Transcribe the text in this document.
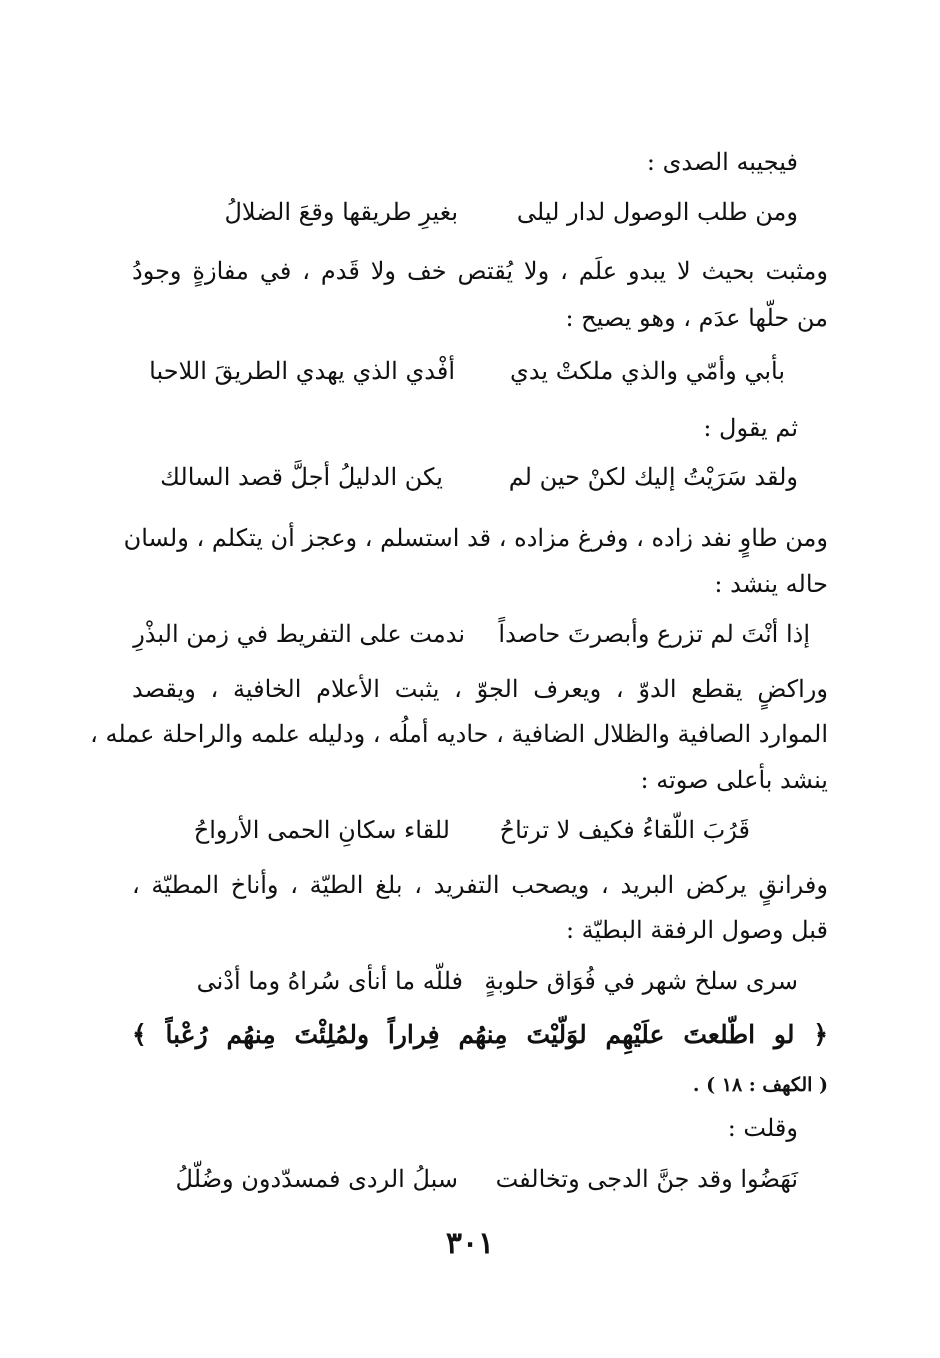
فيجيبه الصدى :
ومن طلب الوصول لدار ليلى
بغيرِ طريقها وقعَ الضلالُ
ومثبت بحيث لا يبدو علَم ، ولا يُقتص خف ولا قَدم ، في مفازةٍ وجودُ
من حلّها عدَم ، وهو يصيح :
بأبي وأمّي والذي ملكتْ يدي
أفْدي الذي يهدي الطريقَ اللاحبا
ثم يقول :
ولقد سَرَيْتُ إليك لكنْ حين لم
يكن الدليلُ أجلَّ قصد السالك
ومن طاوٍ نفد زاده ، وفرغ مزاده ، قد استسلم ، وعجز أن يتكلم ، ولسان
حاله ينشد :
إذا أنْتَ لم تزرع وأبصرتَ حاصداً
ندمت على التفريط في زمن البذْرِ
وراكضٍ يقطع الدوّ ، ويعرف الجوّ ، يثبت الأعلام الخافية ، ويقصد
الموارد الصافية والظلال الضافية ، حاديه أملُه ، ودليله علمه والراحلة عمله ،
ينشد بأعلى صوته :
قَرُبَ اللّقاءُ فكيف لا ترتاحُ
للقاء سكانِ الحمى الأرواحُ
وفرانقٍ يركض البريد ، ويصحب التفريد ، بلغ الطيّة ، وأناخ المطيّة ،
قبل وصول الرفقة البطيّة :
سرى سلخ شهر في فُوَاق حلوبةٍ
فللّه ما أنأى سُراهُ وما أدْنى
﴿ لو اطّلعتَ علَيْهِم لوَلّيْتَ مِنهُم فِراراً ولمُلِئْتَ مِنهُم رُعْباً ﴾
( الكهف : ١٨ ) .
وقلت :
نَهَضُوا وقد جنَّ الدجى وتخالفت
سبلُ الردى فمسدّدون وضُلّلُ
٣٠١
